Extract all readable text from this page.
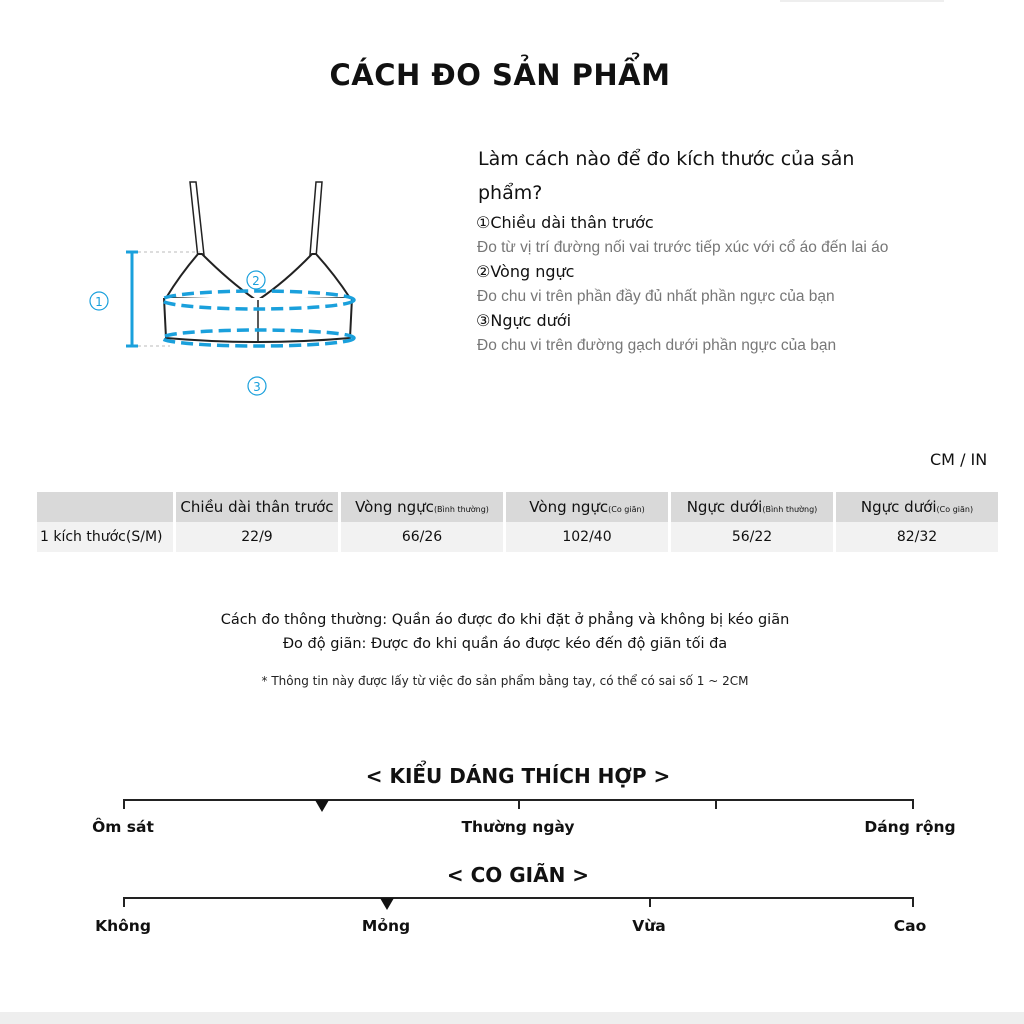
CÁCH ĐO SẢN PHẨM
1
2
3
Làm cách nào để đo kích thước của sản phẩm?
①Chiều dài thân trước
Đo từ vị trí đường nối vai trước tiếp xúc với cổ áo đến lai áo
②Vòng ngực
Đo chu vi trên phần đầy đủ nhất phần ngực của bạn
③Ngực dưới
Đo chu vi trên đường gạch dưới phần ngực của bạn
CM / IN
	Chiều dài thân trước	Vòng ngực(Bình thường)	Vòng ngực(Co giãn)	Ngực dưới(Bình thường)	Ngực dưới(Co giãn)
1 kích thước(S/M)	22/9	66/26	102/40	56/22	82/32
Cách đo thông thường: Quần áo được đo khi đặt ở phẳng và không bị kéo giãn
Đo độ giãn: Được đo khi quần áo được kéo đến độ giãn tối đa
* Thông tin này được lấy từ việc đo sản phẩm bằng tay, có thể có sai số 1 ~ 2CM
< KIỂU DÁNG THÍCH HỢP >
Ôm sát	Thường ngày	Dáng rộng
< CO GIÃN >
Không	Mỏng	Vừa	Cao
